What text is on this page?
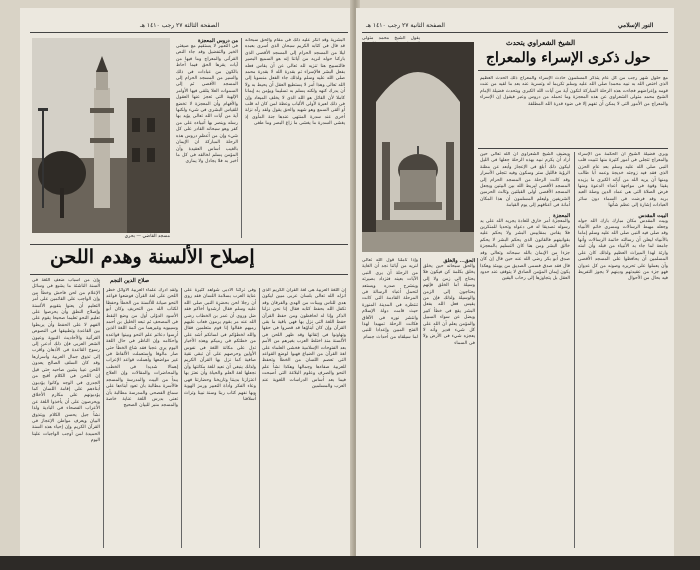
الصفحة الثالثة ۲۷ رجب ۱٤۱۰ هـ
مسجد القاضي — بحري
من دروس المعجزة
فى التعبير لا يستقيم مع صيغتى الخير والتفضيل وقد جاء النص القرآنى والمعراج وما فيها من آيات يقرها الحق فيما أحاط بالكون من عبادات فى ذلك والسير من المسجد الحرام إلى المسجد الأقصى ثم إلى السموات العلا يتلقى فيها الأوامر الإلهية التى تعجز عنها العقول والأفهام وأن المعجزة لا تخضع للقياس البشرى فى شيء ولكنها آية من آيات الله تعالى يؤيد بها رسله وينصر بها أنبياءه على من كفر وهو سبحانه القادر على كل شيء وإن من أعظم دروس هذه الرحلة المباركة أن الإيمان بالغيب أساس العقيدة وأن المؤمن يسلم لخالقه فى كل ما أخبر به فلا يجادل ولا يمارى
البشرية وقد أنكر عليه ذلك فى مقام والحق سبحانه قد قال فى كتابه الكريم سبحان الذى أسرى بعبده ليلا من المسجد الحرام إلى المسجد الأقصى الذى باركنا حوله لنريه من آياتنا إنه هو السميع البصير فالتسبيح هنا تنزيه لله تعالى عن أن يقاس فعله بفعل البشر فالإسراء تم بقدرة الله لا بقدرة محمد صلى الله عليه وسلم ولذلك جاء الفعل منسوبا إلى الله تعالى وهذا أمر لا يستطيع العقل أن يحيط به ولا أن يدرك كنهه ولكنه يسلم به تسليما ويؤمن به إيمانا كاملا لأن القائل هو الله الذى لا يخلف الميعاد وإن فى ذلك لعبرة لأولى الألباب وعظة لمن كان له قلب أو ألقى السمع وهو شهيد والحق يقول ولقد رآه نزلة أخرى عند سدرة المنتهى عندها جنة المأوى إذ يغشى السدرة ما يغشى ما زاغ البصر وما طغى
إصلاح الألسنة وهدم اللحن
صلاح الدين النجم
وإن من أسباب ضعف اللغة فى ألسنة الناشئة ما يشيع فى وسائل الإعلام من لحن فاحش وخطأ بين وإن الواجب على القائمين على أمر التعليم أن يعنوا بتقويم الألسنة وإصلاح النطق وأن يحرصوا على تعليم النحو تعليما صحيحا يقوم على الفهم لا على الحفظ وأن يربطوا بين القاعدة وتطبيقها فى النصوص القرآنية والأحاديث النبوية وعيون الشعر العربى فإن ذلك أدعى إلى رسوخ القاعدة فى الأذهان وأقرب إلى تذوق جمال العربية وأسرارها وقد كان السلف الصالح يعدون اللحن عيبا يشين صاحبه حتى قيل إن اللحن فى الكلام أقبح من الجدرى فى الوجه وكانوا يؤدبون أبناءهم على إقامة اللسان كما يؤدبونهم على مكارم الأخلاق ويحرصون على أن يأخذوا اللغة عن الأعراب الفصحاء فى البادية ولذا نشأ جيل يحسن الكلام ويتذوق البيان ويعرف مواطن الإعجاز فى القرآن الكريم وإن إحياء هذه السنة الحميدة لمن أوجب الواجبات علينا اليوم
ولقد أدرك علماء العربية الأوائل خطر اللحن على لغة القرآن فوضعوا قواعد النحو صيانة للألسنة من الخطأ وحفظا لكتاب الله من التحريف وكان أبو الأسود الدؤلى أول من وضع النقط فى المصحف ثم تبعه الخليل بن أحمد وسيبويه وغيرهما من أئمة اللغة الذين أرسوا دعائم علم النحو وبينوا قواعده وأحكامه وإن الناظر فى حال اللغة اليوم يرى عجبا فقد شاع الخطأ حتى صار مألوفا واستعملت الألفاظ فى غير مواضعها وأهملت قواعد الإعراب إهمالا شديدا فى الخطب والمحاضرات والمقالات وإن العلاج يبدأ من البيت والمدرسة والمسجد فالأسرة مطالبة بأن تعود أبناءها على سماع الفصحى والمدرسة مطالبة بأن تعنى بدرس اللغة عناية خاصة والمسجد منبر للبيان الصحيح
وفى تراثنا الأدبى شواهد كثيرة على عناية العرب بسلامة اللسان فقد روى أن رجلا لحن بحضرة النبى صلى الله عليه وسلم فقال أرشدوا أخاكم فقد ضل وروى أن عمر بن الخطاب رضى الله عنه مر بقوم يرمون فعاب عليهم رميهم فقالوا إنا قوم متعلمين فقال والله لخطؤكم فى لسانكم أشد على من خطئكم فى رميكم وهذه الأخبار تدل على مكانة اللغة فى نفوس الأولين وحرصهم على أن تبقى نقية صافية كما نزل بها القرآن الكريم ولذلك ينبغى أن نعيد للغة مكانتها وأن نجعلها لغة العلم والحياة وأن نعتز بها اعتزازنا بديننا وتاريخنا وحضارتنا فهى وعاء الفكر وأداة التعبير ورمز الهوية وبها نفهم كتاب ربنا وسنة نبينا وتراث أسلافنا
إن اللغة العربية هى لغة القرآن الكريم الذى أنزله الله تعالى بلسان عربى مبين ليكون هدى للناس وبينات من الهدى والفرقان وقد تكفل الله بحفظ كتابه فقال إنا نحن نزلنا الذكر وإنا له لحافظون ومن حفظ القرآن حفظ اللغة التى نزل بها فهى باقية ما بقى القرآن وإن كان أبناؤها قد قصروا فى حقها وتهاونوا فى إتقانها وقد ظهر اللحن فى الألسنة منذ اختلط العرب بغيرهم من الأمم بعد الفتوحات الإسلامية فخشى العلماء على لغة القرآن من الضياع فهبوا لوضع القواعد التى تعصم اللسان من الخطأ وتحفظ للعربية صفاءها وجمالها وهكذا نشأ علم النحو والصرف وعلوم البلاغة التى أصبحت فيما بعد أساس الدراسات اللغوية عند العرب والمسلمين
الصفحة الثانية ۲۷ رجب ۱٤۱۰ هـ	النور الإسلامي
يقول الشيخ محمد متولى	الشيخ الشعراوي يتحدث
حول ذكرى الإسراء والمعراج
مع حلول شهر رجب من كل عام يتذكر المسلمون حادث الإسراء والمعراج ذلك الحدث العظيم الذى اختص الله به نبيه محمدا صلى الله عليه وسلم تكريما له وتسرية عنه بعد ما لقيه من عنت قومه وإعراضهم فجاءت هذه الرحلة المباركة لتكون آية من آيات الله الكبرى ويتحدث فضيلة الإمام الشيخ محمد متولى الشعراوى عن هذه المعجزة وما تحمله من دروس وعبر فيقول إن الإسراء والمعراج من الأمور التى لا يمكن أن تفهم إلا فى ضوء قدرة الله المطلقة
ويضيف الشيخ الشعراوى أن الله تعالى حين أراد أن يكرم نبيه بهذه الرحلة جعلها فى الليل ليكون ذلك أبلغ فى الإعجاز وأبعد عن مظنة الرؤية فالليل ستر وسكون وفيه تتجلى الأسرار وقد كانت الرحلة من المسجد الحرام إلى المسجد الأقصى ليربط الله بين البيتين ويجعل المسجد الأقصى أولى القبلتين وثالث الحرمين الشريفين وليعلم المسلمون أن هذا المكان أمانة فى أعناقهم إلى يوم القيامة
المعجزة
والمعجزة أمر خارق للعادة يجريه الله على يد رسوله تصديقا له فى دعواه وتحديا للمنكرين فلا يقاس بمقاييس البشر ولا يحكم عليه بقوانينهم فالقانون الذى يحكم البشر لا يحكم خالق البشر ومن هنا كان التسليم بالمعجزة جزءا من الإيمان بالله سبحانه وتعالى وقد صدق أبو بكر رضى الله عنه حين قال إن كان قال فقد صدق فسمى الصديق من يومئذ وهكذا يكون إيمان المؤمن الصادق لا يتوقف عند حدود العقل بل يتجاوزها إلى رحاب اليقين
ويرى فضيلة الشيخ أن الحكمة من الإسراء والمعراج تتجلى فى أمور كثيرة منها تثبيت قلب النبى صلى الله عليه وسلم بعد عام الحزن الذى فقد فيه زوجته خديجة وعمه أبا طالب ومنها أن يريه الله من آياته الكبرى ما يزيده يقينا وقوة فى مواجهة أعداء الدعوة ومنها فرض الصلاة التى هى عماد الدين وصلة العبد بربه وقد فرضت فى السماء دون سائر العبادات إشارة إلى عظم شأنها
البيت المقدس
وبيت المقدس مكان مبارك بارك الله حوله وجعله مهبط الرسالات ومسرى خاتم الأنبياء وقد صلى فيه النبى صلى الله عليه وسلم إماما بالأنبياء ليعلن أن رسالته خاتمة الرسالات وأنها جامعة لما جاء به الأنبياء من قبله وأن أمته وارثة لهذا الميراث العظيم ولذلك كان على المسلمين أن يحافظوا على المسجد الأقصى وأن يعملوا على تحريره وصونه من كل عدوان فهو جزء من عقيدتهم ودينهم لا يجوز التفريط فيه بحال من الأحوال
وإذا تأملنا قول الله تعالى لنريه من آياتنا نجد أن الغاية من الرحلة أن يرى النبى الآيات بعينه فتزداد بصيرته وينشرح صدره ويستعد لتحمل أعباء الرسالة فى المرحلة القادمة التى كانت تنتظره فى المدينة المنورة حيث قامت دولة الإسلام وانتشر نوره فى الآفاق فكانت الرحلة تمهيدا لهذا الفتح المبين وإعدادا للنبى لما سيلقاه من أحداث جسام
الحق... والخلق
والحق سبحانه حين يخلق يخلق بكلمة كن فيكون فلا يحتاج إلى زمن ولا إلى وسيلة أما الخلق فإنهم يحتاجون إلى الزمن والوسيلة ولذلك فإن من يقيس فعل الله بفعل البشر يقع فى خطأ كبير ويضل عن سواء السبيل والمؤمن يعلم أن الله على كل شيء قدير وأنه لا يعجزه شيء فى الأرض ولا فى السماء
